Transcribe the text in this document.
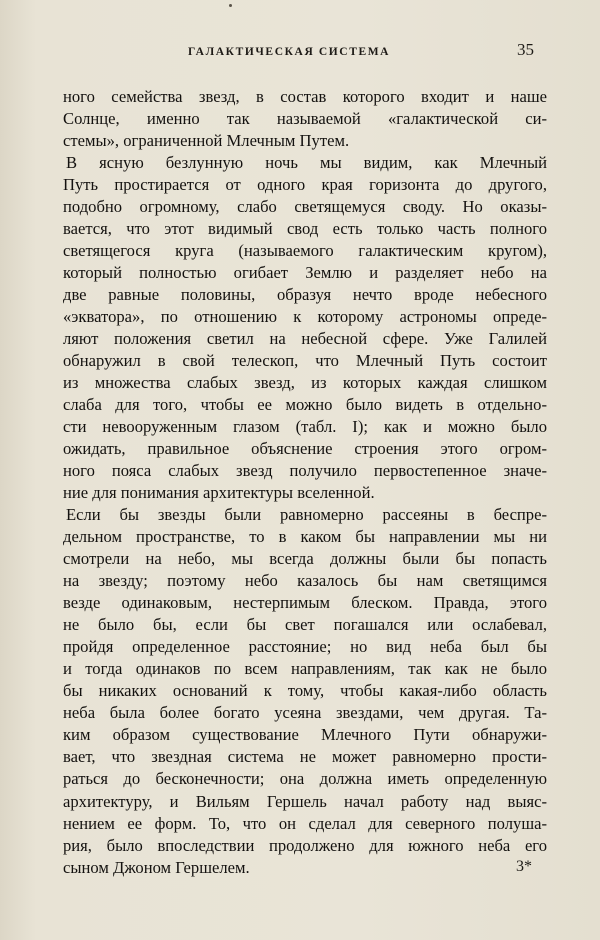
ГАЛАКТИЧЕСКАЯ СИСТЕМА	35
ного семейства звезд, в состав которого входит и наше
Солнце, именно так называемой «галактической си-
стемы», ограниченной Млечным Путем.
В ясную безлунную ночь мы видим, как Млечный
Путь простирается от одного края горизонта до другого,
подобно огромному, слабо светящемуся своду. Но оказы-
вается, что этот видимый свод есть только часть полного
светящегося круга (называемого галактическим кругом),
который полностью огибает Землю и разделяет небо на
две равные половины, образуя нечто вроде небесного
«экватора», по отношению к которому астрономы опреде-
ляют положения светил на небесной сфере. Уже Галилей
обнаружил в свой телескоп, что Млечный Путь состоит
из множества слабых звезд, из которых каждая слишком
слаба для того, чтобы ее можно было видеть в отдельно-
сти невооруженным глазом (табл. I); как и можно было
ожидать, правильное объяснение строения этого огром-
ного пояса слабых звезд получило первостепенное значе-
ние для понимания архитектуры вселенной.
Если бы звезды были равномерно рассеяны в беспре-
дельном пространстве, то в каком бы направлении мы ни
смотрели на небо, мы всегда должны были бы попасть
на звезду; поэтому небо казалось бы нам светящимся
везде одинаковым, нестерпимым блеском. Правда, этого
не было бы, если бы свет погашался или ослабевал,
пройдя определенное расстояние; но вид неба был бы
и тогда одинаков по всем направлениям, так как не было
бы никаких оснований к тому, чтобы какая-либо область
неба была более богато усеяна звездами, чем другая. Та-
ким образом существование Млечного Пути обнаружи-
вает, что звездная система не может равномерно прости-
раться до бесконечности; она должна иметь определенную
архитектуру, и Вильям Гершель начал работу над выяс-
нением ее форм. То, что он сделал для северного полуша-
рия, было впоследствии продолжено для южного неба его
сыном Джоном Гершелем.	3*
